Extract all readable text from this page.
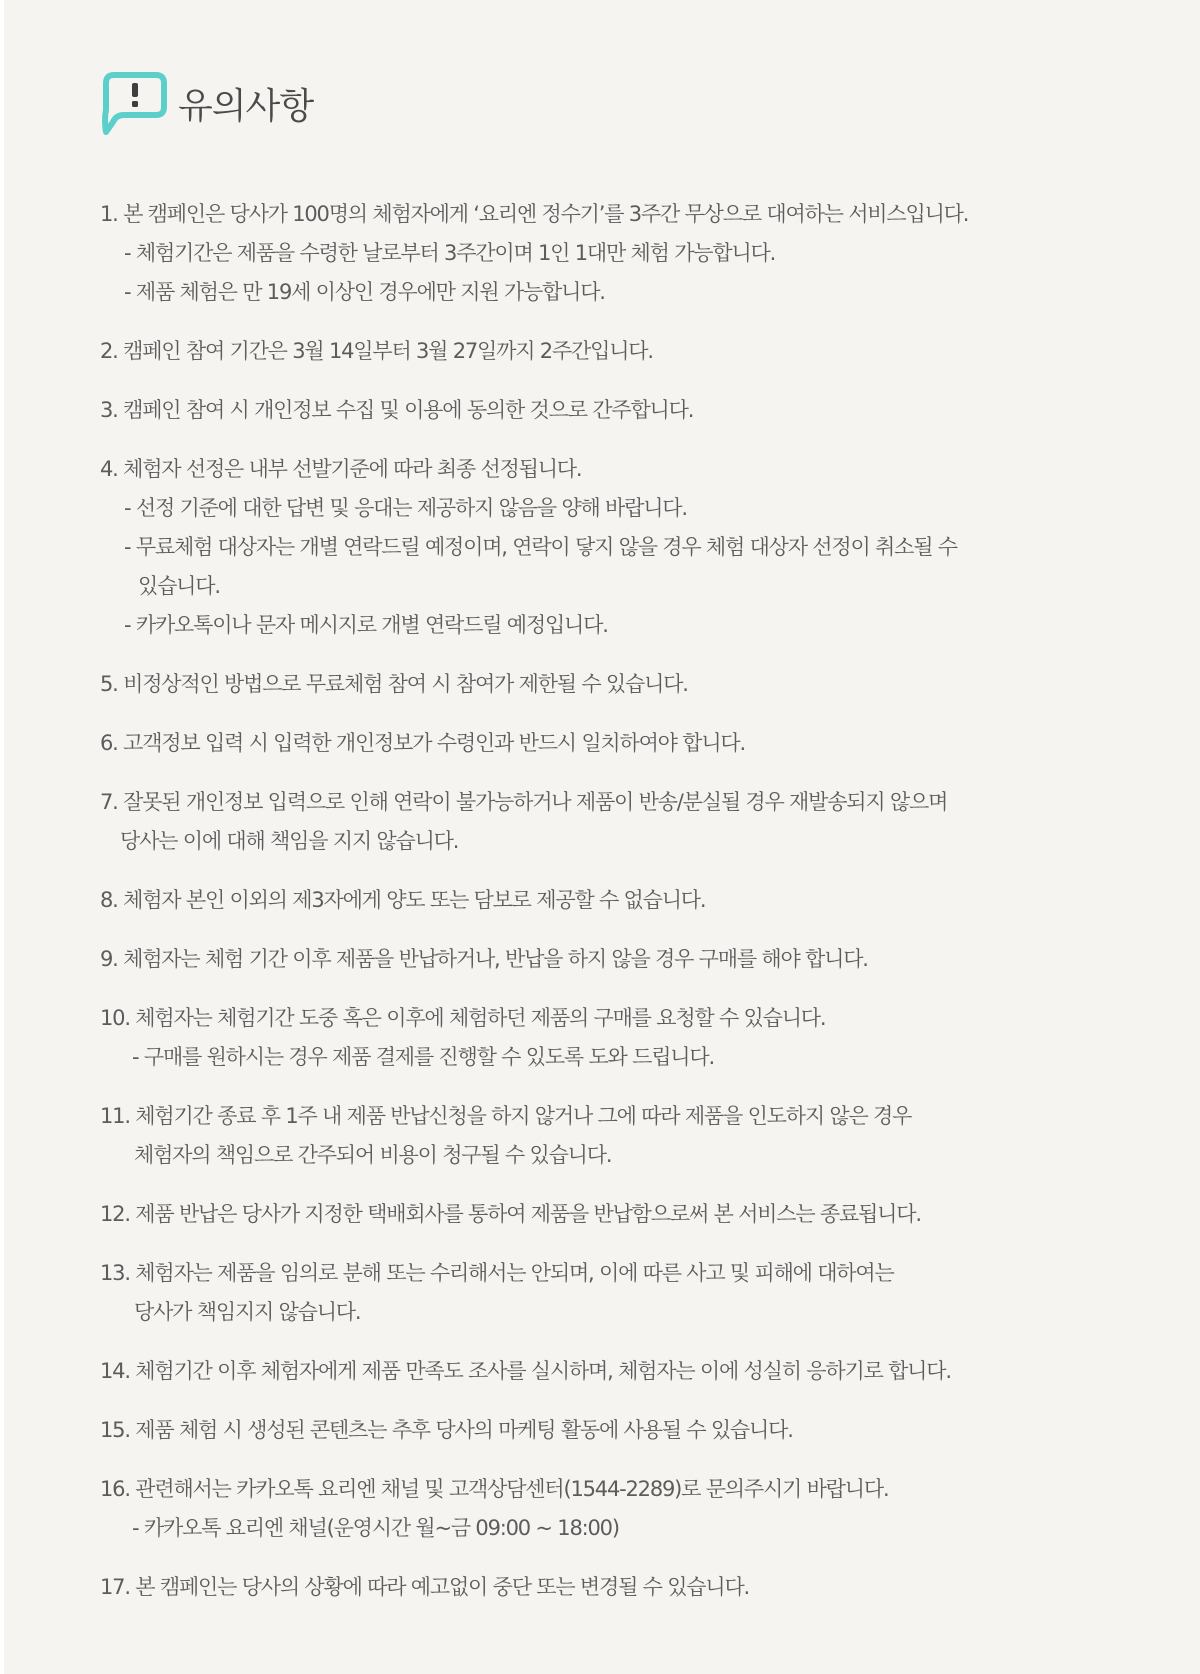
유의사항
1. 본 캠페인은 당사가 100명의 체험자에게 ‘요리엔 정수기’를 3주간 무상으로 대여하는 서비스입니다.
- 체험기간은 제품을 수령한 날로부터 3주간이며 1인 1대만 체험 가능합니다.
- 제품 체험은 만 19세 이상인 경우에만 지원 가능합니다.
2. 캠페인 참여 기간은 3월 14일부터 3월 27일까지 2주간입니다.
3. 캠페인 참여 시 개인정보 수집 및 이용에 동의한 것으로 간주합니다.
4. 체험자 선정은 내부 선발기준에 따라 최종 선정됩니다.
- 선정 기준에 대한 답변 및 응대는 제공하지 않음을 양해 바랍니다.
- 무료체험 대상자는 개별 연락드릴 예정이며, 연락이 닿지 않을 경우 체험 대상자 선정이 취소될 수
있습니다.
- 카카오톡이나 문자 메시지로 개별 연락드릴 예정입니다.
5. 비정상적인 방법으로 무료체험 참여 시 참여가 제한될 수 있습니다.
6. 고객정보 입력 시 입력한 개인정보가 수령인과 반드시 일치하여야 합니다.
7. 잘못된 개인정보 입력으로 인해 연락이 불가능하거나 제품이 반송/분실될 경우 재발송되지 않으며
당사는 이에 대해 책임을 지지 않습니다.
8. 체험자 본인 이외의 제3자에게 양도 또는 담보로 제공할 수 없습니다.
9. 체험자는 체험 기간 이후 제품을 반납하거나, 반납을 하지 않을 경우 구매를 해야 합니다.
10. 체험자는 체험기간 도중 혹은 이후에 체험하던 제품의 구매를 요청할 수 있습니다.
- 구매를 원하시는 경우 제품 결제를 진행할 수 있도록 도와 드립니다.
11. 체험기간 종료 후 1주 내 제품 반납신청을 하지 않거나 그에 따라 제품을 인도하지 않은 경우
체험자의 책임으로 간주되어 비용이 청구될 수 있습니다.
12. 제품 반납은 당사가 지정한 택배회사를 통하여 제품을 반납함으로써 본 서비스는 종료됩니다.
13. 체험자는 제품을 임의로 분해 또는 수리해서는 안되며, 이에 따른 사고 및 피해에 대하여는
당사가 책임지지 않습니다.
14. 체험기간 이후 체험자에게 제품 만족도 조사를 실시하며, 체험자는 이에 성실히 응하기로 합니다.
15. 제품 체험 시 생성된 콘텐츠는 추후 당사의 마케팅 활동에 사용될 수 있습니다.
16. 관련해서는 카카오톡 요리엔 채널 및 고객상담센터(1544-2289)로 문의주시기 바랍니다.
- 카카오톡 요리엔 채널(운영시간 월~금 09:00 ~ 18:00)
17. 본 캠페인는 당사의 상황에 따라 예고없이 중단 또는 변경될 수 있습니다.
